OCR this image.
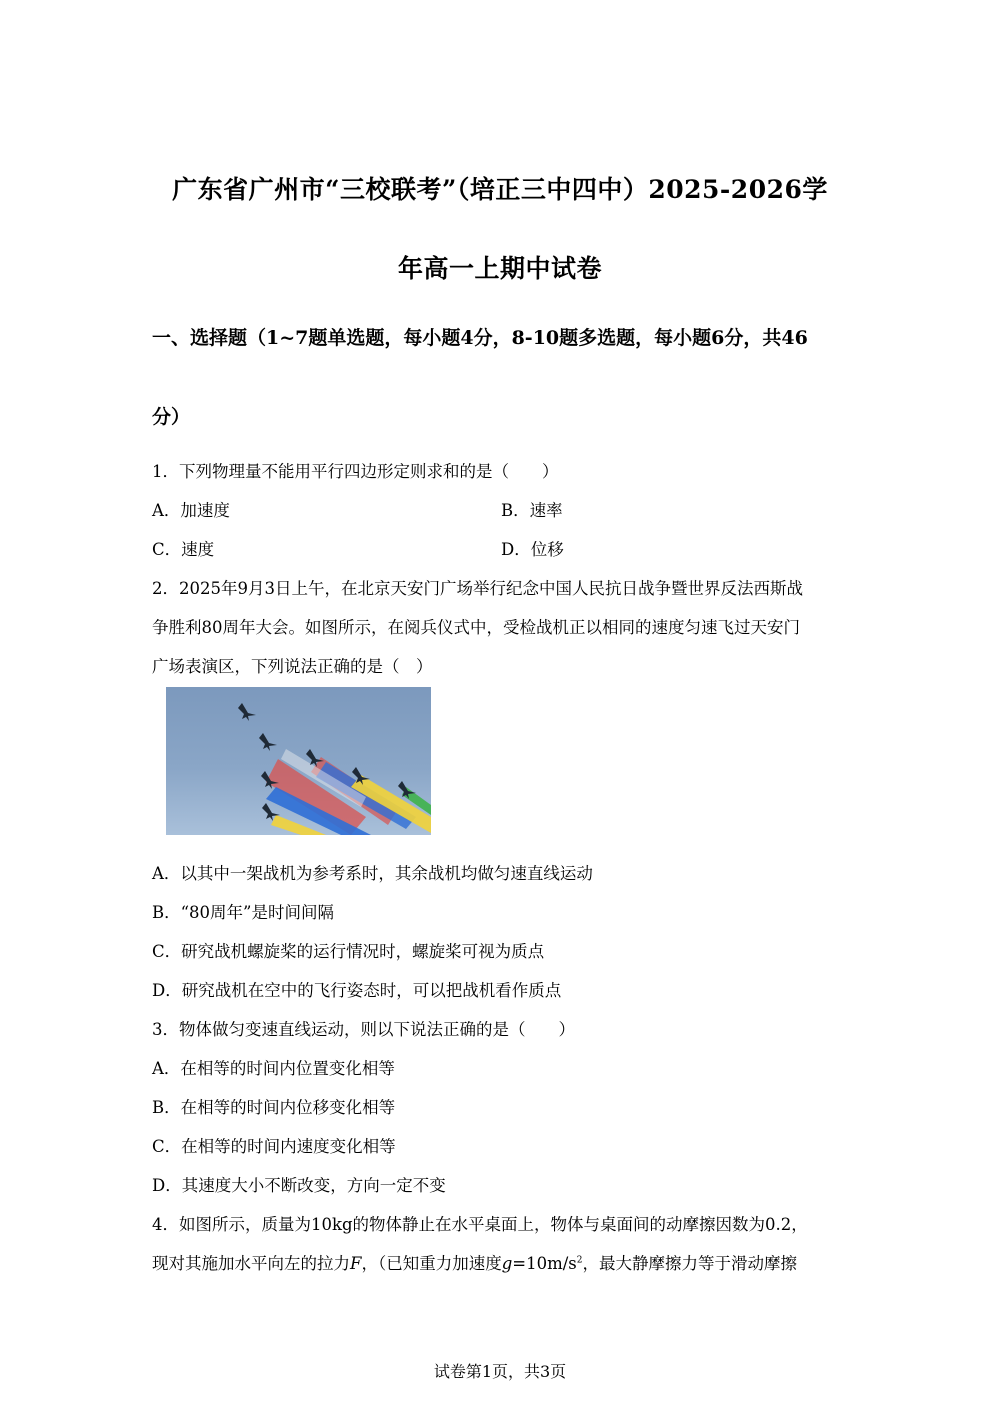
广东省广州市“三校联考”（培正三中四中）2025-2026学
年高一上期中试卷
一、选择题（1~7题单选题，每小题4分，8-10题多选题，每小题6分，共46
分）
1．下列物理量不能用平行四边形定则求和的是（　　）
A．加速度	B．速率
C．速度	D．位移
2．2025年9月3日上午，在北京天安门广场举行纪念中国人民抗日战争暨世界反法西斯战
争胜利80周年大会。如图所示，在阅兵仪式中，受检战机正以相同的速度匀速飞过天安门
广场表演区，下列说法正确的是（　）
A．以其中一架战机为参考系时，其余战机均做匀速直线运动
B．“80周年”是时间间隔
C．研究战机螺旋桨的运行情况时，螺旋桨可视为质点
D．研究战机在空中的飞行姿态时，可以把战机看作质点
3．物体做匀变速直线运动，则以下说法正确的是（　　）
A．在相等的时间内位置变化相等
B．在相等的时间内位移变化相等
C．在相等的时间内速度变化相等
D．其速度大小不断改变，方向一定不变
4．如图所示，质量为10kg的物体静止在水平桌面上，物体与桌面间的动摩擦因数为0.2，
现对其施加水平向左的拉力F，（已知重力加速度$g=10m/s^2$，最大静摩擦力等于滑动摩擦
试卷第1页，共3页
